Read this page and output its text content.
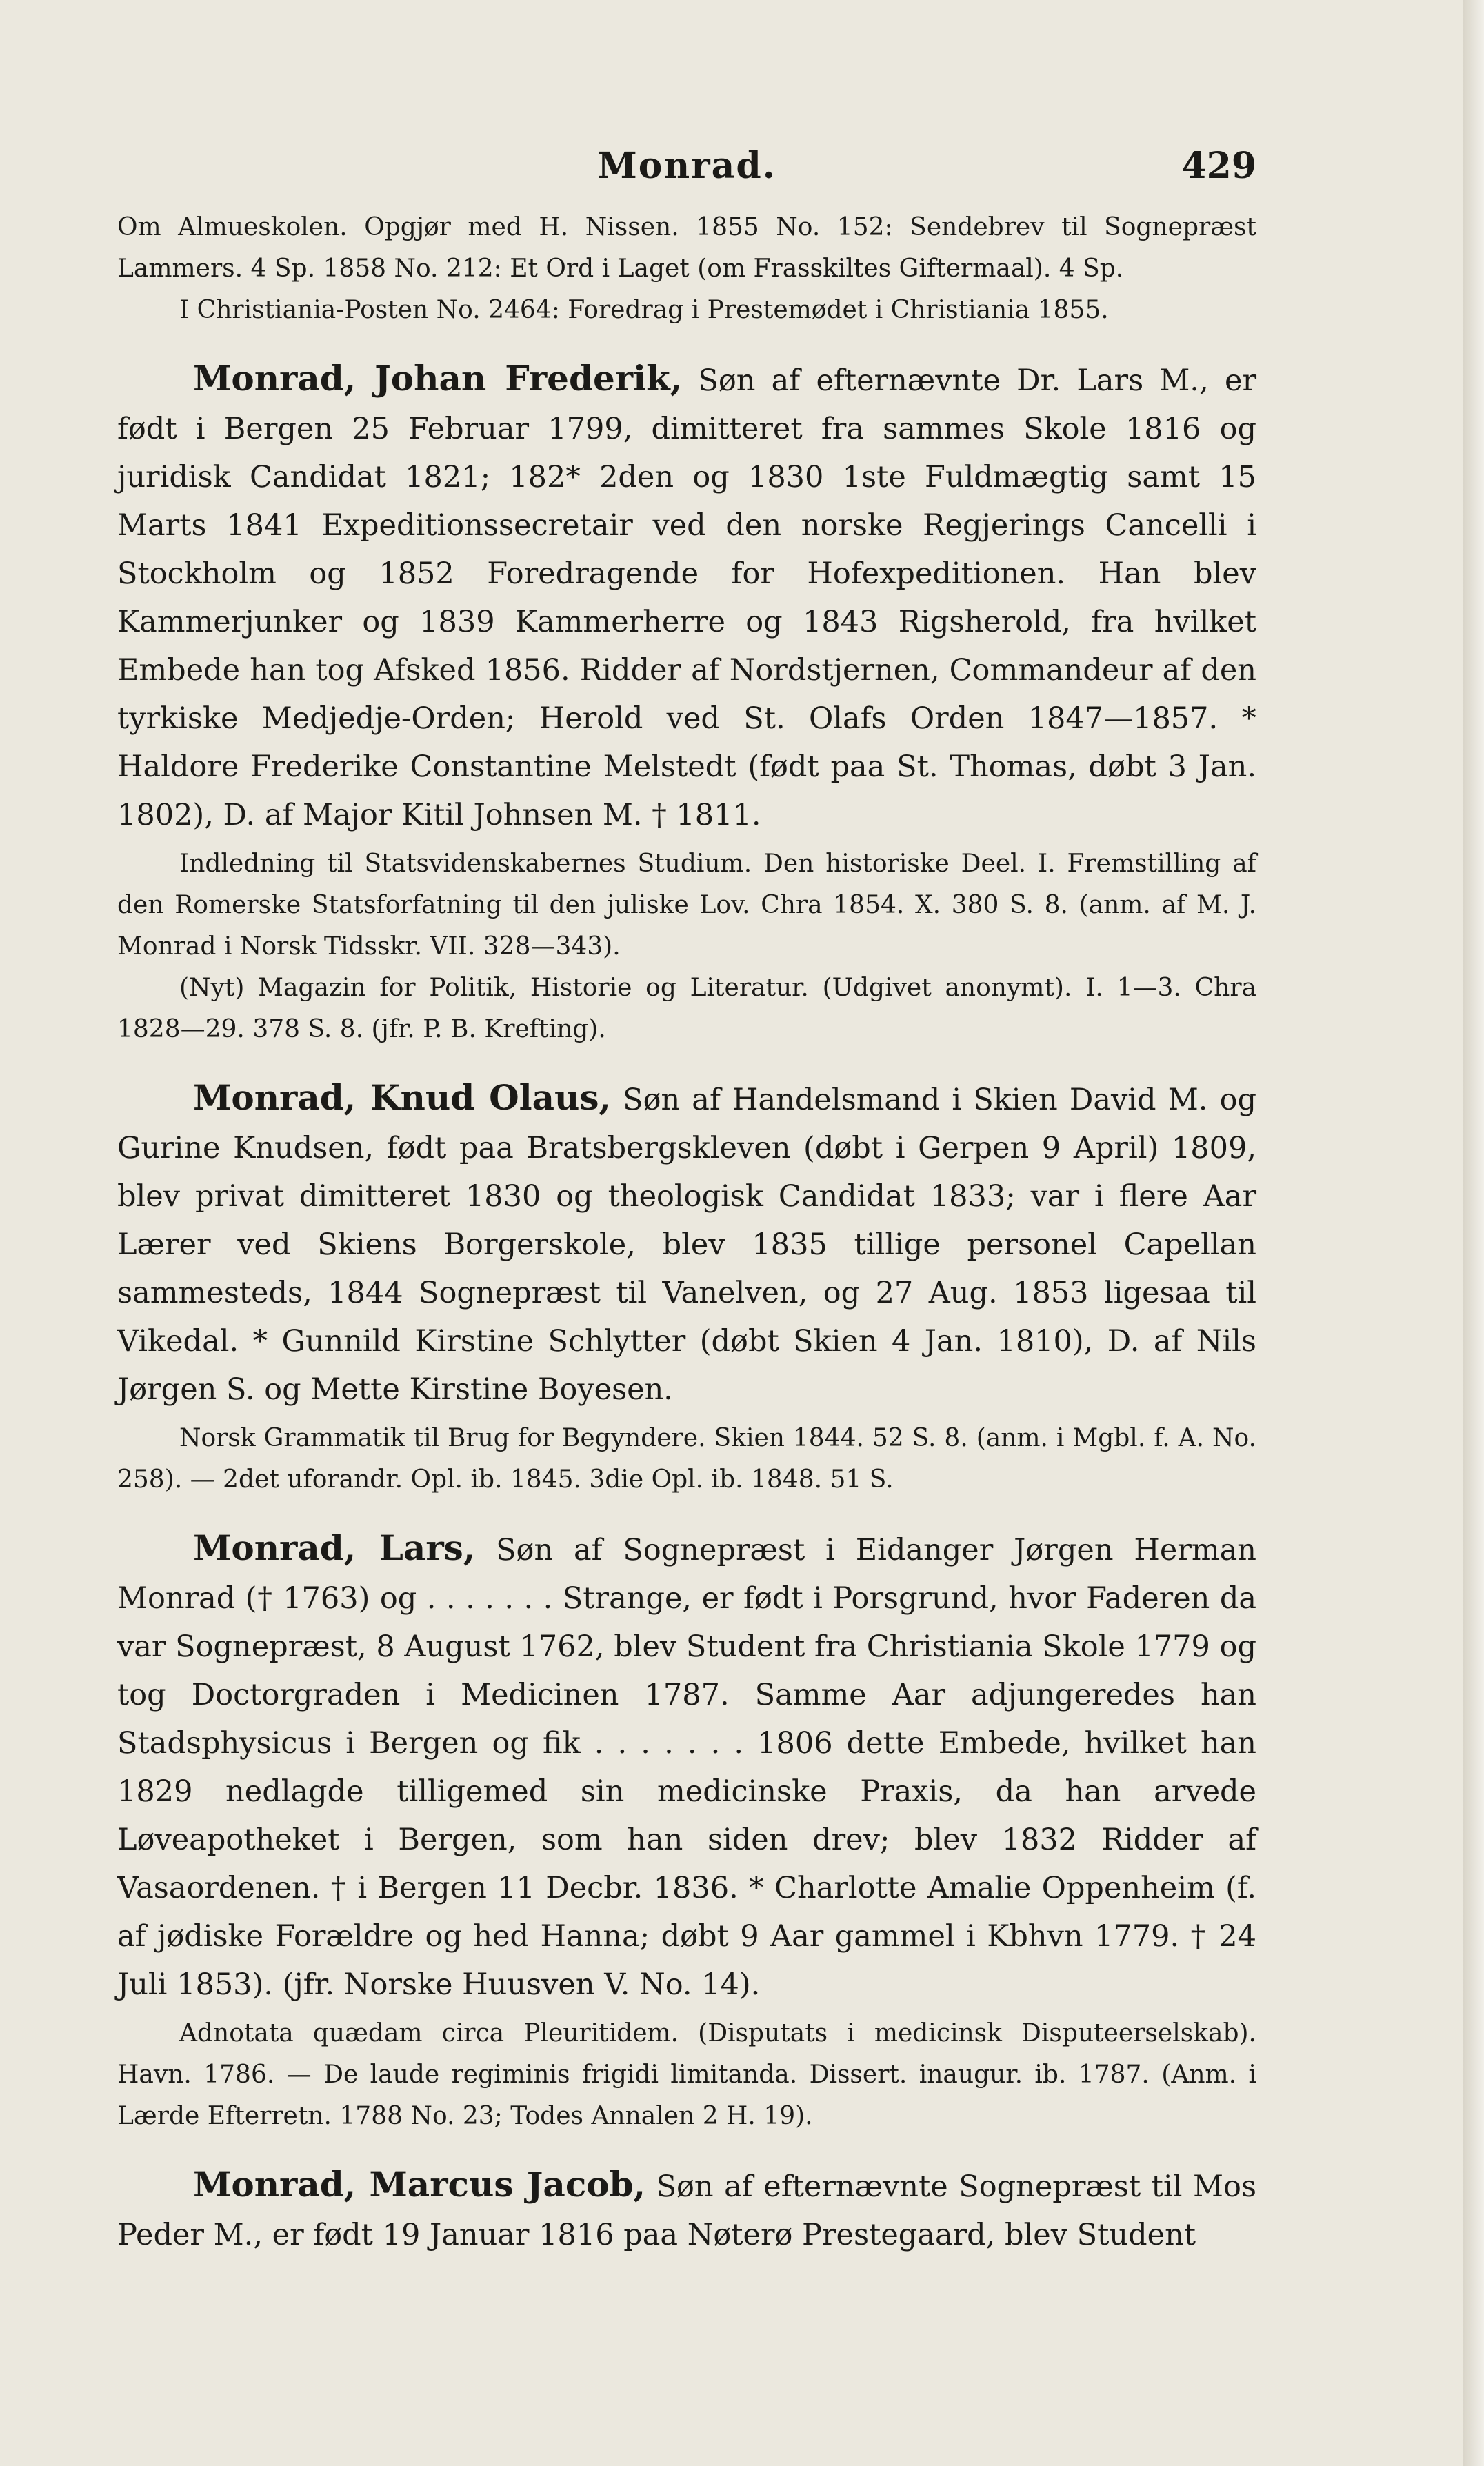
Monrad.	429

Om Almueskolen. Opgjør med H. Nissen. 1855 No. 152: Sendebrev til Sognepræst Lammers. 4 Sp. 1858 No. 212: Et Ord i Laget (om Frasskiltes Giftermaal). 4 Sp.

I Christiania-Posten No. 2464: Foredrag i Prestemødet i Christiania 1855.

Monrad, Johan Frederik, Søn af efternævnte Dr. Lars M., er født i Bergen 25 Februar 1799, dimitteret fra sammes Skole 1816 og juridisk Candidat 1821; 182* 2den og 1830 1ste Fuldmægtig samt 15 Marts 1841 Expeditionssecretair ved den norske Regjerings Cancelli i Stockholm og 1852 Foredragende for Hofexpeditionen. Han blev Kammerjunker og 1839 Kammerherre og 1843 Rigsherold, fra hvilket Embede han tog Afsked 1856. Ridder af Nordstjernen, Commandeur af den tyrkiske Medjedje-Orden; Herold ved St. Olafs Orden 1847—1857. * Haldore Frederike Constantine Melstedt (født paa St. Thomas, døbt 3 Jan. 1802), D. af Major Kitil Johnsen M. † 1811.

Indledning til Statsvidenskabernes Studium. Den historiske Deel. I. Fremstilling af den Romerske Statsforfatning til den juliske Lov. Chra 1854. X. 380 S. 8. (anm. af M. J. Monrad i Norsk Tidsskr. VII. 328—343).

(Nyt) Magazin for Politik, Historie og Literatur. (Udgivet anonymt). I. 1—3. Chra 1828—29. 378 S. 8. (jfr. P. B. Krefting).

Monrad, Knud Olaus, Søn af Handelsmand i Skien David M. og Gurine Knudsen, født paa Bratsbergskleven (døbt i Gerpen 9 April) 1809, blev privat dimitteret 1830 og theologisk Candidat 1833; var i flere Aar Lærer ved Skiens Borgerskole, blev 1835 tillige personel Capellan sammesteds, 1844 Sognepræst til Vanelven, og 27 Aug. 1853 ligesaa til Vikedal. * Gunnild Kirstine Schlytter (døbt Skien 4 Jan. 1810), D. af Nils Jørgen S. og Mette Kirstine Boyesen.

Norsk Grammatik til Brug for Begyndere. Skien 1844. 52 S. 8. (anm. i Mgbl. f. A. No. 258). — 2det uforandr. Opl. ib. 1845. 3die Opl. ib. 1848. 51 S.

Monrad, Lars, Søn af Sognepræst i Eidanger Jørgen Herman Monrad († 1763) og . . . . . . . Strange, er født i Porsgrund, hvor Faderen da var Sognepræst, 8 August 1762, blev Student fra Christiania Skole 1779 og tog Doctorgraden i Medicinen 1787. Samme Aar adjungeredes han Stadsphysicus i Bergen og fik . . . . . . . 1806 dette Embede, hvilket han 1829 nedlagde tilligemed sin medicinske Praxis, da han arvede Løveapotheket i Bergen, som han siden drev; blev 1832 Ridder af Vasaordenen. † i Bergen 11 Decbr. 1836. * Charlotte Amalie Oppenheim (f. af jødiske Forældre og hed Hanna; døbt 9 Aar gammel i Kbhvn 1779. † 24 Juli 1853). (jfr. Norske Huusven V. No. 14).

Adnotata quædam circa Pleuritidem. (Disputats i medicinsk Disputeerselskab). Havn. 1786. — De laude regiminis frigidi limitanda. Dissert. inaugur. ib. 1787. (Anm. i Lærde Efterretn. 1788 No. 23; Todes Annalen 2 H. 19).

Monrad, Marcus Jacob, Søn af efternævnte Sognepræst til Mos Peder M., er født 19 Januar 1816 paa Nøterø Prestegaard, blev Student
